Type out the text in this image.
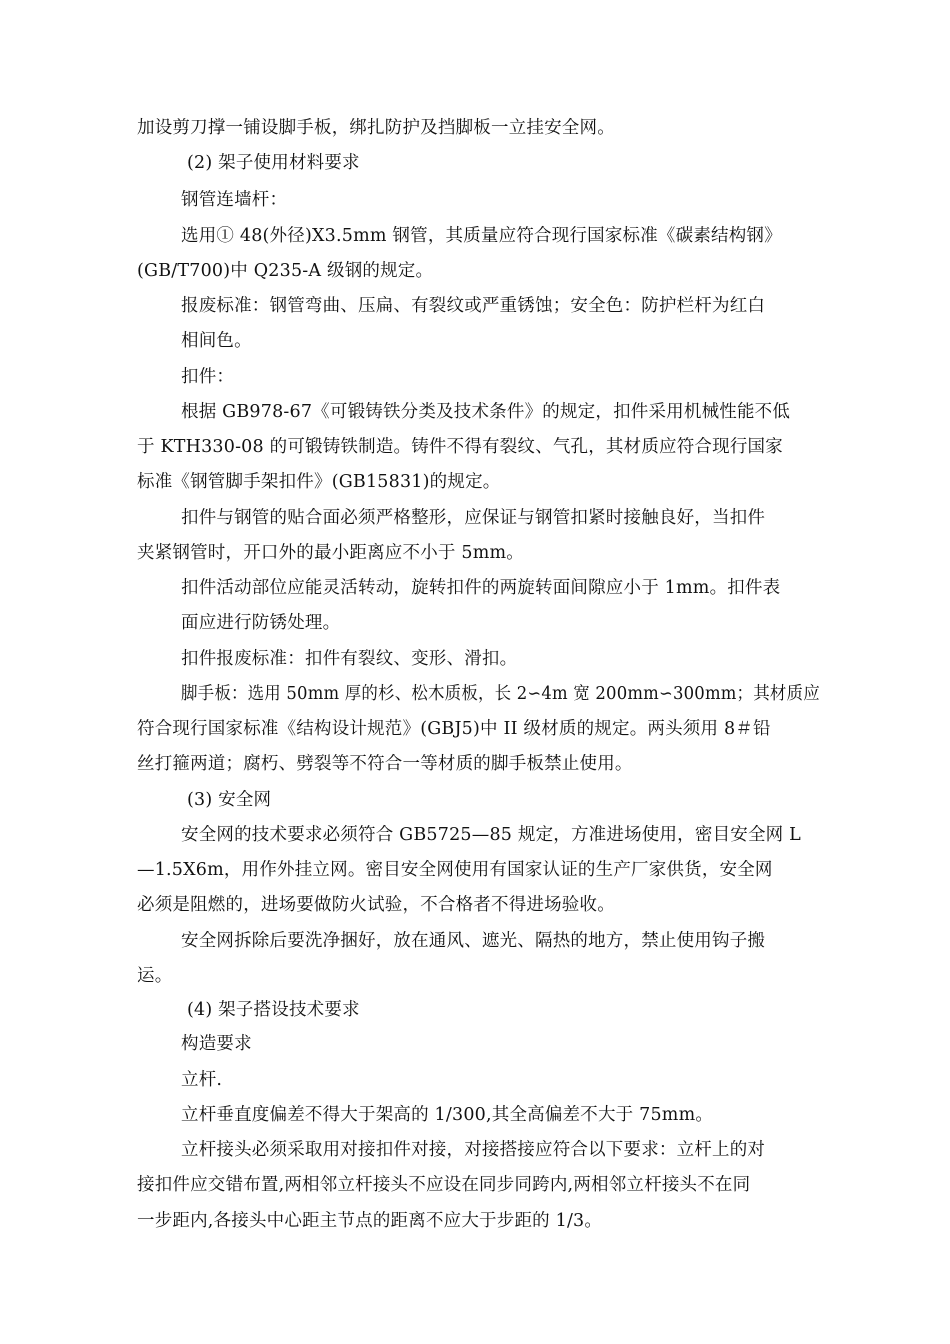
加设剪刀撑一铺设脚手板，绑扎防护及挡脚板一立挂安全网。
(2) 架子使用材料要求
钢管连墙杆：
选用① 48(外径)X3.5mm 钢管，其质量应符合现行国家标准《碳素结构钢》
(GB/T700)中 Q235-A 级钢的规定。
报废标准：钢管弯曲、压扁、有裂纹或严重锈蚀；安全色：防护栏杆为红白
相间色。
扣件：
根据 GB978-67《可锻铸铁分类及技术条件》的规定，扣件采用机械性能不低
于 KTH330-08 的可锻铸铁制造。铸件不得有裂纹、气孔，其材质应符合现行国家
标准《钢管脚手架扣件》(GB15831)的规定。
扣件与钢管的贴合面必须严格整形，应保证与钢管扣紧时接触良好，当扣件
夹紧钢管时，开口外的最小距离应不小于 5mm。
扣件活动部位应能灵活转动，旋转扣件的两旋转面间隙应小于 1mm。扣件表
面应进行防锈处理。
扣件报废标准：扣件有裂纹、变形、滑扣。
脚手板：选用 50mm 厚的杉、松木质板，长 2∽4m 宽 200mm∽300mm；其材质应
符合现行国家标准《结构设计规范》(GBJ5)中 II 级材质的规定。两头须用 8＃铅
丝打箍两道；腐朽、劈裂等不符合一等材质的脚手板禁止使用。
(3) 安全网
安全网的技术要求必须符合 GB5725—85 规定，方准进场使用，密目安全网 L
—1.5X6m，用作外挂立网。密目安全网使用有国家认证的生产厂家供货，安全网
必须是阻燃的，进场要做防火试验，不合格者不得进场验收。
安全网拆除后要洗净捆好，放在通风、遮光、隔热的地方，禁止使用钩子搬
运。
(4) 架子搭设技术要求
构造要求
立杆.
立杆垂直度偏差不得大于架高的 1/300,其全高偏差不大于 75mm。
立杆接头必须采取用对接扣件对接，对接搭接应符合以下要求：立杆上的对
接扣件应交错布置,两相邻立杆接头不应设在同步同跨内,两相邻立杆接头不在同
一步距内,各接头中心距主节点的距离不应大于步距的 1/3。
